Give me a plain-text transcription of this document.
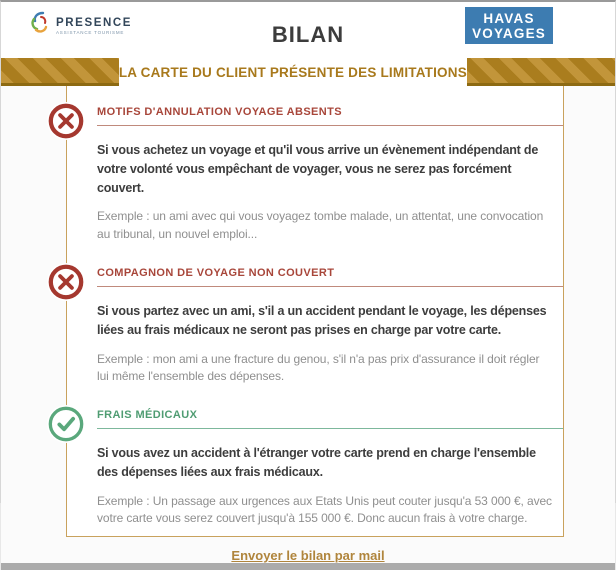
PRESENCE
ASSISTANCE TOURISME	BILAN
HAVAS
VOYAGES
LA CARTE DU CLIENT PRÉSENTE DES LIMITATIONS
MOTIFS D'ANNULATION VOYAGE ABSENTS
Si vous achetez un voyage et qu'il vous arrive un évènement indépendant de votre volonté vous empêchant de voyager, vous ne serez pas forcément couvert.
Exemple : un ami avec qui vous voyagez tombe malade, un attentat, une convocation au tribunal, un nouvel emploi...
COMPAGNON DE VOYAGE NON COUVERT
Si vous partez avec un ami, s'il a un accident pendant le voyage, les dépenses liées au frais médicaux ne seront pas prises en charge par votre carte.
Exemple : mon ami a une fracture du genou, s'il n'a pas prix d'assurance il doit régler lui même l'ensemble des dépenses.
FRAIS MÉDICAUX
Si vous avez un accident à l'étranger votre carte prend en charge l'ensemble des dépenses liées aux frais médicaux.
Exemple : Un passage aux urgences aux Etats Unis peut couter jusqu'a 53 000 €, avec votre carte vous serez couvert jusqu'à 155 000 €. Donc aucun frais à votre charge.
Envoyer le bilan par mail
